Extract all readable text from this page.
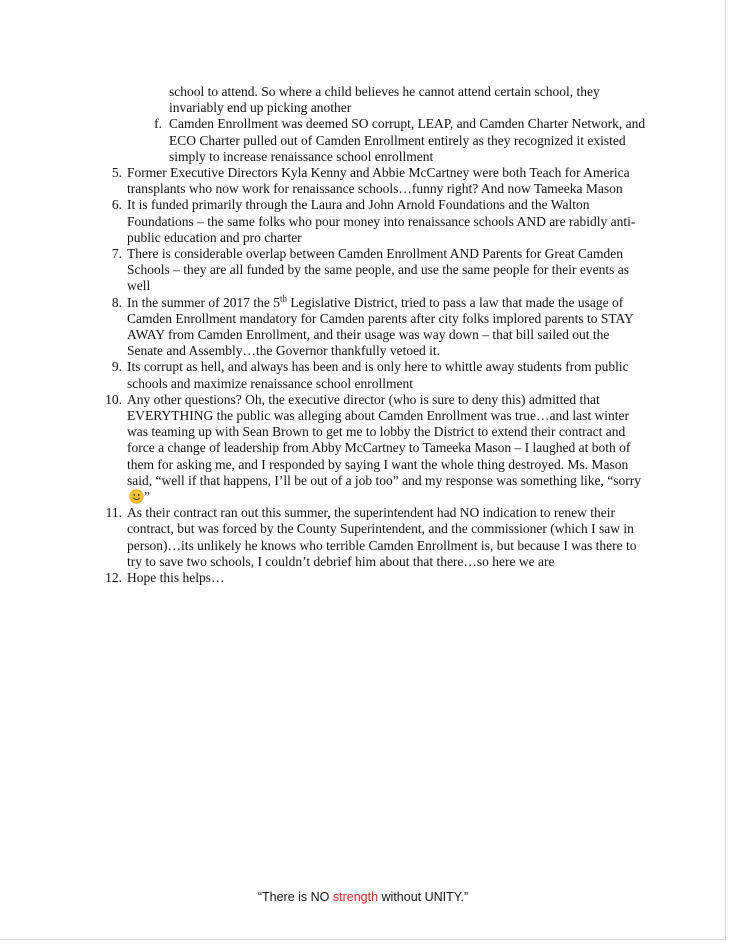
school to attend. So where a child believes he cannot attend certain school, they invariably end up picking another
f. Camden Enrollment was deemed SO corrupt, LEAP, and Camden Charter Network, and ECO Charter pulled out of Camden Enrollment entirely as they recognized it existed simply to increase renaissance school enrollment
5. Former Executive Directors Kyla Kenny and Abbie McCartney were both Teach for America transplants who now work for renaissance schools…funny right? And now Tameeka Mason
6. It is funded primarily through the Laura and John Arnold Foundations and the Walton Foundations – the same folks who pour money into renaissance schools AND are rabidly anti-public education and pro charter
7. There is considerable overlap between Camden Enrollment AND Parents for Great Camden Schools – they are all funded by the same people, and use the same people for their events as well
8. In the summer of 2017 the 5th Legislative District, tried to pass a law that made the usage of Camden Enrollment mandatory for Camden parents after city folks implored parents to STAY AWAY from Camden Enrollment, and their usage was way down – that bill sailed out the Senate and Assembly…the Governor thankfully vetoed it.
9. Its corrupt as hell, and always has been and is only here to whittle away students from public schools and maximize renaissance school enrollment
10. Any other questions? Oh, the executive director (who is sure to deny this) admitted that EVERYTHING the public was alleging about Camden Enrollment was true…and last winter was teaming up with Sean Brown to get me to lobby the District to extend their contract and force a change of leadership from Abby McCartney to Tameeka Mason – I laughed at both of them for asking me, and I responded by saying I want the whole thing destroyed. Ms. Mason said, “well if that happens, I’ll be out of a job too” and my response was something like, “sorry”
11. As their contract ran out this summer, the superintendent had NO indication to renew their contract, but was forced by the County Superintendent, and the commissioner (which I saw in person)…its unlikely he knows who terrible Camden Enrollment is, but because I was there to try to save two schools, I couldn’t debrief him about that there…so here we are
12. Hope this helps…
“There is NO strength without UNITY.”
